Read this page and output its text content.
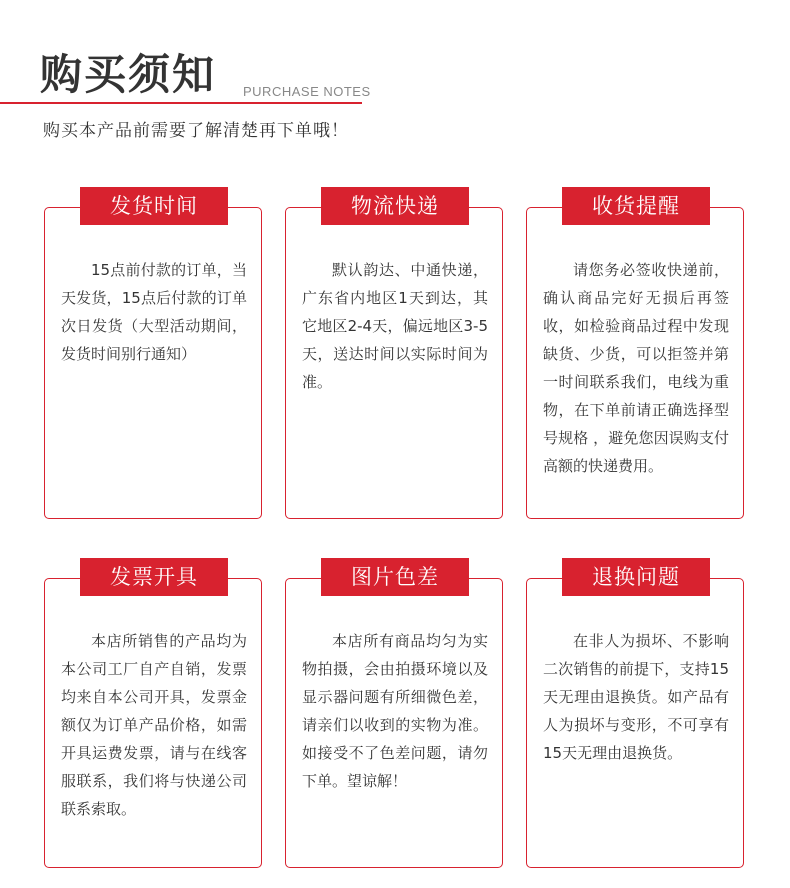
购买须知 PURCHASE NOTES
购买本产品前需要了解清楚再下单哦！
发货时间
15点前付款的订单，当天发货，15点后付款的订单次日发货（大型活动期间，发货时间别行通知）
物流快递
默认韵达、中通快递，广东省内地区1天到达，其它地区2-4天，偏远地区3-5天，送达时间以实际时间为准。
收货提醒
请您务必签收快递前，确认商品完好无损后再签收，如检验商品过程中发现缺货、少货，可以拒签并第一时间联系我们，电线为重物，在下单前请正确选择型号规格 ，避免您因误购支付高额的快递费用。
发票开具
本店所销售的产品均为本公司工厂自产自销，发票均来自本公司开具，发票金额仅为订单产品价格，如需开具运费发票，请与在线客服联系，我们将与快递公司联系索取。
图片色差
本店所有商品均匀为实物拍摄，会由拍摄环境以及显示器问题有所细微色差，请亲们以收到的实物为准。如接受不了色差问题，请勿下单。望谅解！
退换问题
在非人为损坏、不影响二次销售的前提下，支持15天无理由退换货。如产品有人为损坏与变形，不可享有15天无理由退换货。
